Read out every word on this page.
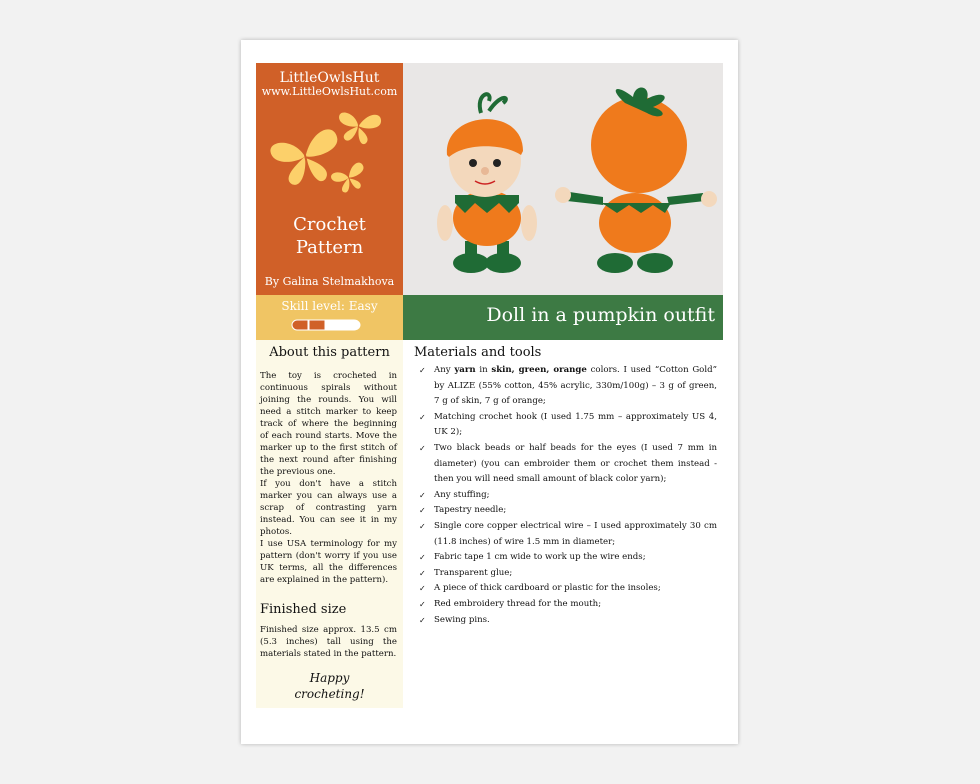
LittleOwlsHut
www.LittleOwlsHut.com
Crochet
Pattern
By Galina Stelmakhova
Skill level: Easy	Doll in a pumpkin outfit
About this pattern
The toy is crocheted in continuous spirals without joining the rounds. You will need a stitch marker to keep track of where the beginning of each round starts. Move the marker up to the first stitch of the next round after finishing the previous one.
If you don't have a stitch marker you can always use a scrap of contrasting yarn instead. You can see it in my photos.
I use USA terminology for my pattern (don't worry if you use UK terms, all the differences are explained in the pattern).
Finished size
Finished size approx. 13.5 cm (5.3 inches) tall using the materials stated in the pattern.
Happy
crocheting!
Materials and tools
✓ Any yarn in skin, green, orange colors. I used “Cotton Gold” by ALIZE (55% cotton, 45% acrylic, 330m/100g) – 3 g of green, 7 g of skin, 7 g of orange;
✓ Matching crochet hook (I used 1.75 mm – approximately US 4, UK 2);
✓ Two black beads or half beads for the eyes (I used 7 mm in diameter) (you can embroider them or crochet them instead - then you will need small amount of black color yarn);
✓ Any stuffing;
✓ Tapestry needle;
✓ Single core copper electrical wire – I used approximately 30 cm (11.8 inches) of wire 1.5 mm in diameter;
✓ Fabric tape 1 cm wide to work up the wire ends;
✓ Transparent glue;
✓ A piece of thick cardboard or plastic for the insoles;
✓ Red embroidery thread for the mouth;
✓ Sewing pins.
